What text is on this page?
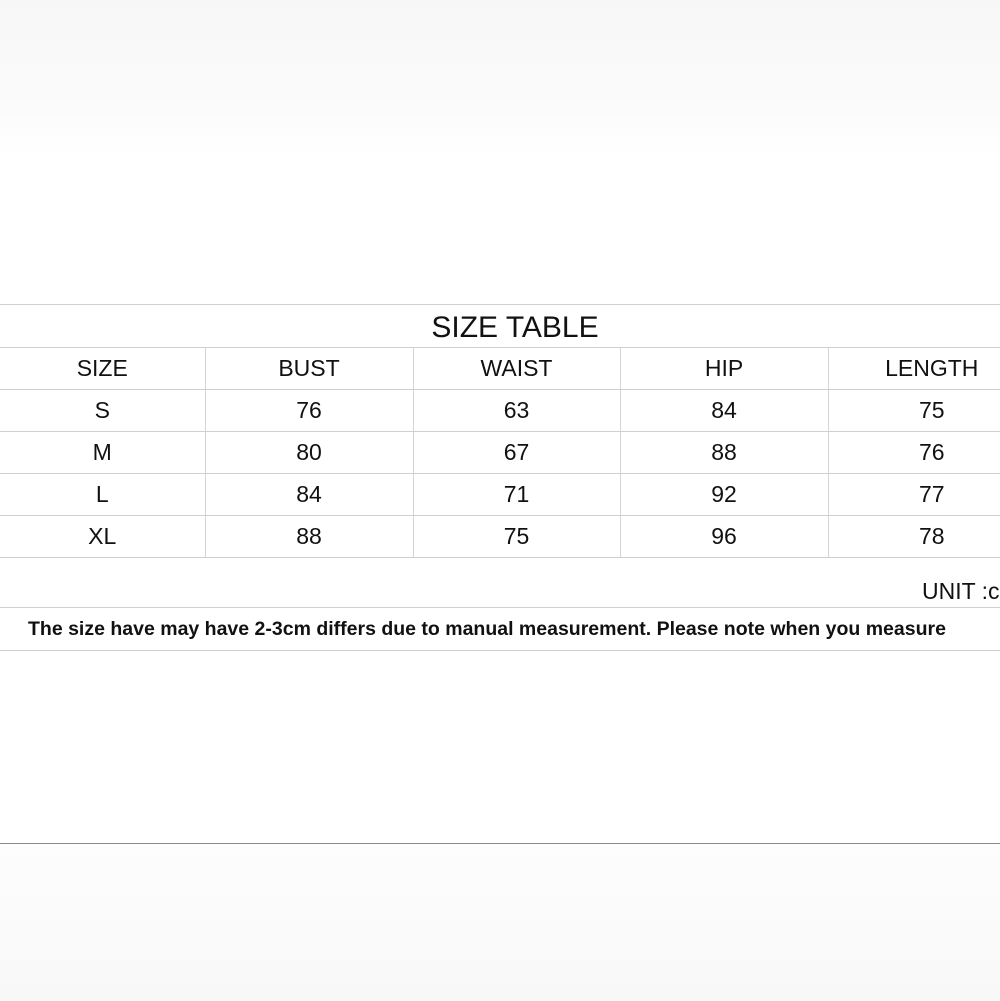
SIZE TABLE
SIZE	BUST	WAIST	HIP	LENGTH
S	76	63	84	75
M	80	67	88	76
L	84	71	92	77
XL	88	75	96	78
UNIT :c
The size have may have 2-3cm differs due to manual measurement. Please note when you measure
